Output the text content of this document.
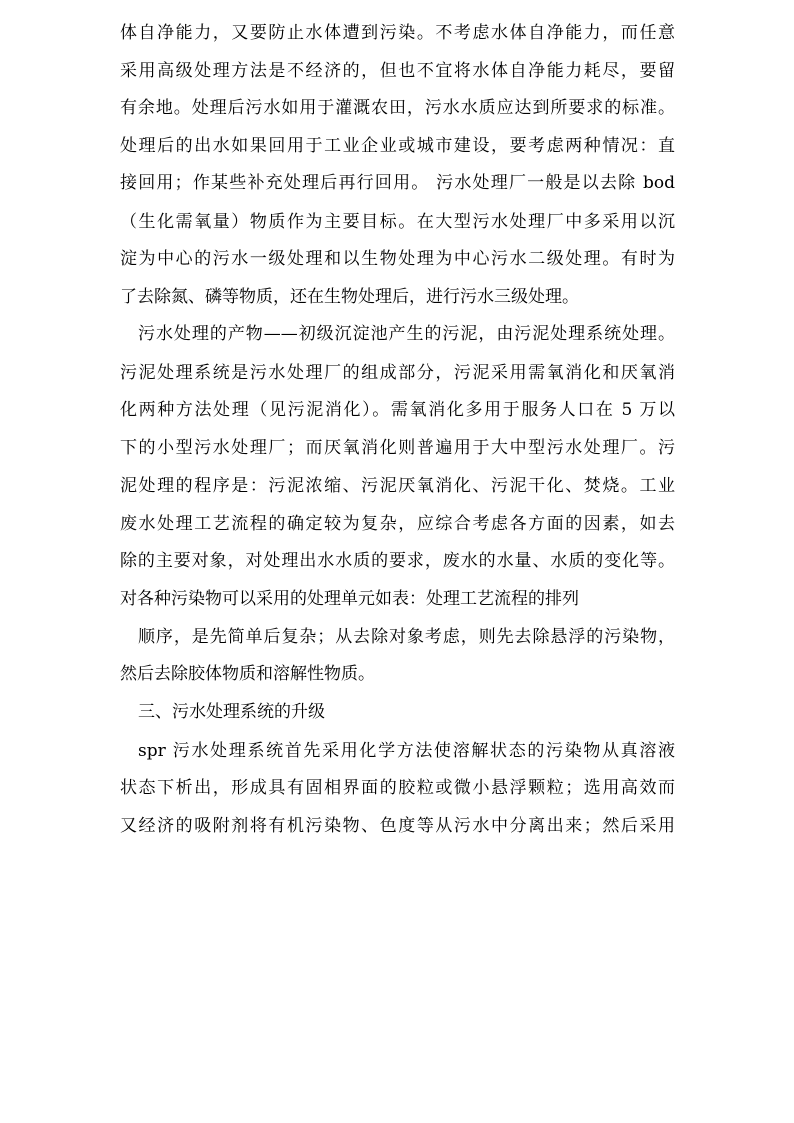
体自净能力，又要防止水体遭到污染。不考虑水体自净能力，而任意
采用高级处理方法是不经济的，但也不宜将水体自净能力耗尽，要留
有余地。处理后污水如用于灌溉农田，污水水质应达到所要求的标准。
处理后的出水如果回用于工业企业或城市建设，要考虑两种情况：直
接回用；作某些补充处理后再行回用。 污水处理厂一般是以去除 bod
（生化需氧量）物质作为主要目标。在大型污水处理厂中多采用以沉
淀为中心的污水一级处理和以生物处理为中心污水二级处理。有时为
了去除氮、磷等物质，还在生物处理后，进行污水三级处理。
污水处理的产物——初级沉淀池产生的污泥，由污泥处理系统处理。
污泥处理系统是污水处理厂的组成部分，污泥采用需氧消化和厌氧消
化两种方法处理（见污泥消化）。需氧消化多用于服务人口在 5 万以
下的小型污水处理厂；而厌氧消化则普遍用于大中型污水处理厂。污
泥处理的程序是：污泥浓缩、污泥厌氧消化、污泥干化、焚烧。工业
废水处理工艺流程的确定较为复杂，应综合考虑各方面的因素，如去
除的主要对象，对处理出水水质的要求，废水的水量、水质的变化等。
对各种污染物可以采用的处理单元如表：处理工艺流程的排列
顺序，是先简单后复杂；从去除对象考虑，则先去除悬浮的污染物，
然后去除胶体物质和溶解性物质。
三、污水处理系统的升级
spr 污水处理系统首先采用化学方法使溶解状态的污染物从真溶液
状态下析出，形成具有固相界面的胶粒或微小悬浮颗粒；选用高效而
又经济的吸附剂将有机污染物、色度等从污水中分离出来；然后采用
